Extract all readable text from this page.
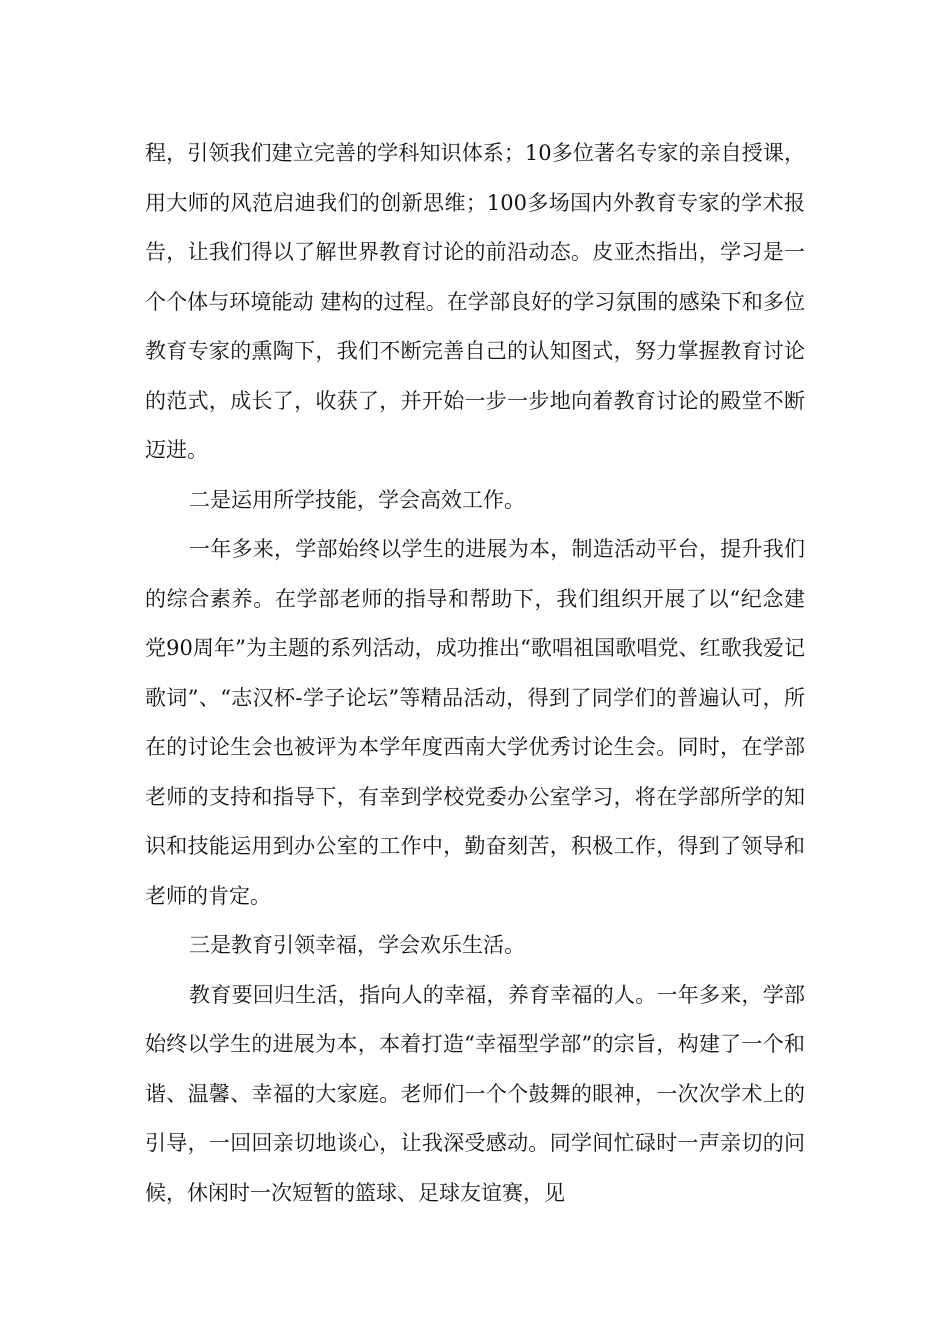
程，引领我们建立完善的学科知识体系；10多位著名专家的亲自授课，用大师的风范启迪我们的创新思维；100多场国内外教育专家的学术报告，让我们得以了解世界教育讨论的前沿动态。皮亚杰指出，学习是一个个体与环境能动 建构的过程。在学部良好的学习氛围的感染下和多位教育专家的熏陶下，我们不断完善自己的认知图式，努力掌握教育讨论的范式，成长了，收获了，并开始一步一步地向着教育讨论的殿堂不断迈进。

二是运用所学技能，学会高效工作。

一年多来，学部始终以学生的进展为本，制造活动平台，提升我们的综合素养。在学部老师的指导和帮助下，我们组织开展了以“纪念建党90周年”为主题的系列活动，成功推出“歌唱祖国歌唱党、红歌我爱记歌词”、“志汉杯-学子论坛”等精品活动，得到了同学们的普遍认可，所在的讨论生会也被评为本学年度西南大学优秀讨论生会。同时，在学部老师的支持和指导下，有幸到学校党委办公室学习，将在学部所学的知识和技能运用到办公室的工作中，勤奋刻苦，积极工作，得到了领导和老师的肯定。

三是教育引领幸福，学会欢乐生活。

教育要回归生活，指向人的幸福，养育幸福的人。一年多来，学部始终以学生的进展为本，本着打造“幸福型学部”的宗旨，构建了一个和谐、温馨、幸福的大家庭。老师们一个个鼓舞的眼神，一次次学术上的引导，一回回亲切地谈心，让我深受感动。同学间忙碌时一声亲切的问候，休闲时一次短暂的篮球、足球友谊赛，见
